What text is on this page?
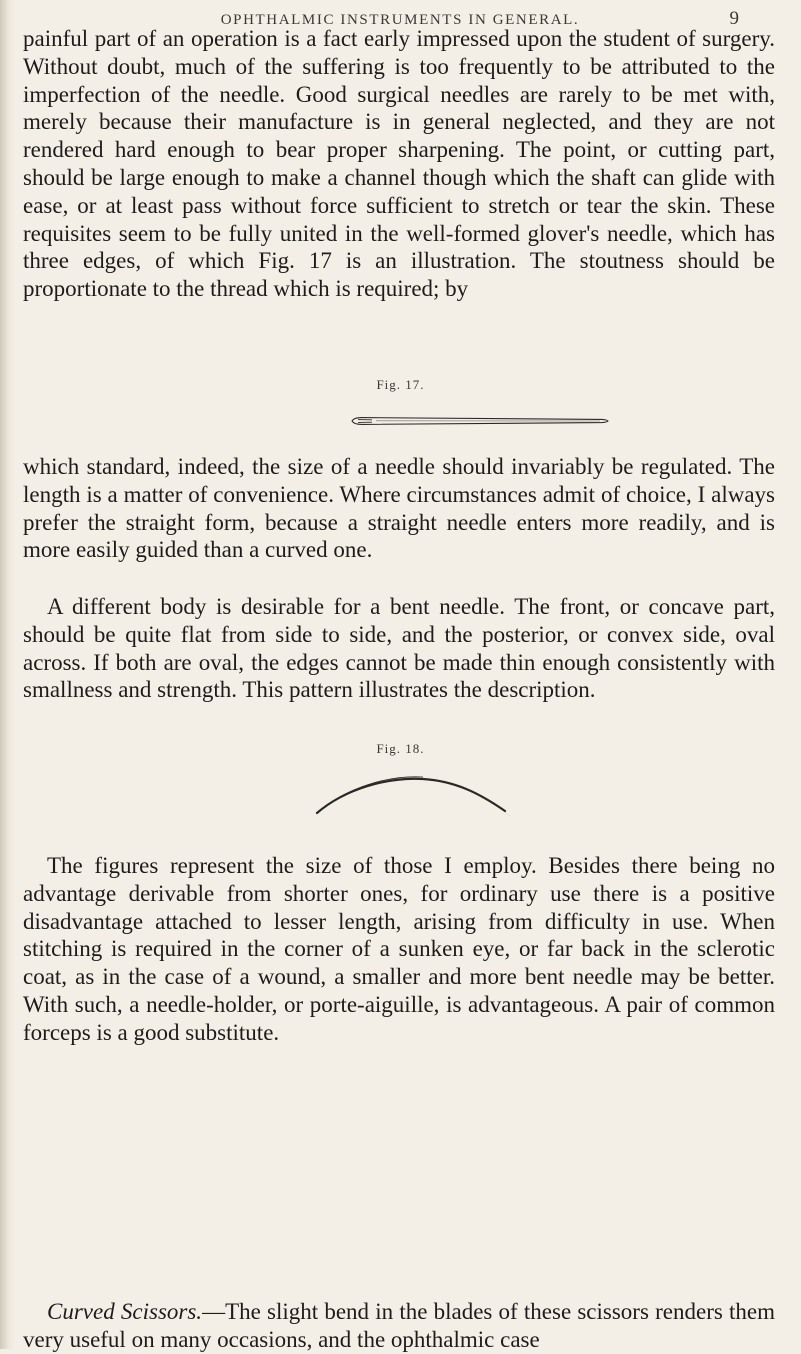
OPHTHALMIC INSTRUMENTS IN GENERAL.	9

painful part of an operation is a fact early impressed upon the student of surgery. Without doubt, much of the suffering is too frequently to be attributed to the imperfection of the needle. Good surgical needles are rarely to be met with, merely because their manufacture is in general neglected, and they are not rendered hard enough to bear proper sharpening. The point, or cutting part, should be large enough to make a channel though which the shaft can glide with ease, or at least pass without force sufficient to stretch or tear the skin. These requisites seem to be fully united in the well-formed glover's needle, which has three edges, of which Fig. 17 is an illustration. The stoutness should be proportionate to the thread which is required; by

Fig. 17.

which standard, indeed, the size of a needle should invariably be regulated. The length is a matter of convenience. Where circumstances admit of choice, I always prefer the straight form, because a straight needle enters more readily, and is more easily guided than a curved one.

A different body is desirable for a bent needle. The front, or concave part, should be quite flat from side to side, and the posterior, or convex side, oval across. If both are oval, the edges cannot be made thin enough consistently with smallness and strength. This pattern illustrates the description.

Fig. 18.

The figures represent the size of those I employ. Besides there being no advantage derivable from shorter ones, for ordinary use there is a positive disadvantage attached to lesser length, arising from difficulty in use. When stitching is required in the corner of a sunken eye, or far back in the sclerotic coat, as in the case of a wound, a smaller and more bent needle may be better. With such, a needle-holder, or porte-aiguille, is advantageous. A pair of common forceps is a good substitute.

Curved Scissors.—The slight bend in the blades of these scissors renders them very useful on many occasions, and the ophthalmic case
